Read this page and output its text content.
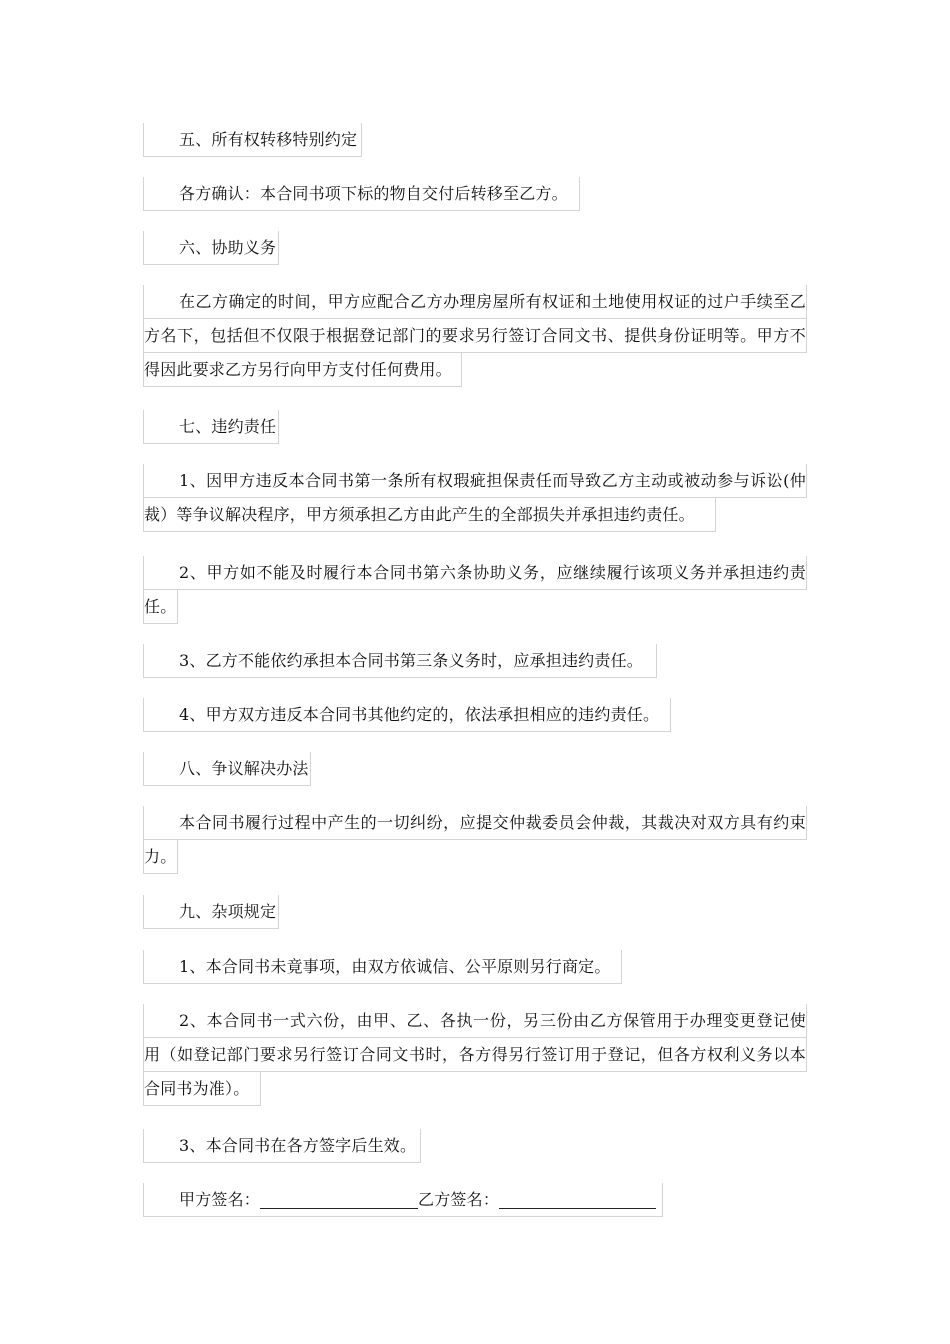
五、所有权转移特别约定
各方确认：本合同书项下标的物自交付后转移至乙方。
六、协助义务
在乙方确定的时间，甲方应配合乙方办理房屋所有权证和土地使用权证的过户手续至乙
方名下，包括但不仅限于根据登记部门的要求另行签订合同文书、提供身份证明等。甲方不
得因此要求乙方另行向甲方支付任何费用。
七、违约责任
1、因甲方违反本合同书第一条所有权瑕疵担保责任而导致乙方主动或被动参与诉讼(仲
裁）等争议解决程序，甲方须承担乙方由此产生的全部损失并承担违约责任。
2、甲方如不能及时履行本合同书第六条协助义务，应继续履行该项义务并承担违约责
任。
3、乙方不能依约承担本合同书第三条义务时，应承担违约责任。
4、甲方双方违反本合同书其他约定的，依法承担相应的违约责任。
八、争议解决办法
本合同书履行过程中产生的一切纠纷，应提交仲裁委员会仲裁，其裁决对双方具有约束
力。
九、杂项规定
1、本合同书未竟事项，由双方依诚信、公平原则另行商定。
2、本合同书一式六份，由甲、乙、各执一份，另三份由乙方保管用于办理变更登记使
用（如登记部门要求另行签订合同文书时，各方得另行签订用于登记，但各方权利义务以本
合同书为准）。
3、本合同书在各方签字后生效。
甲方签名：	乙方签名：
